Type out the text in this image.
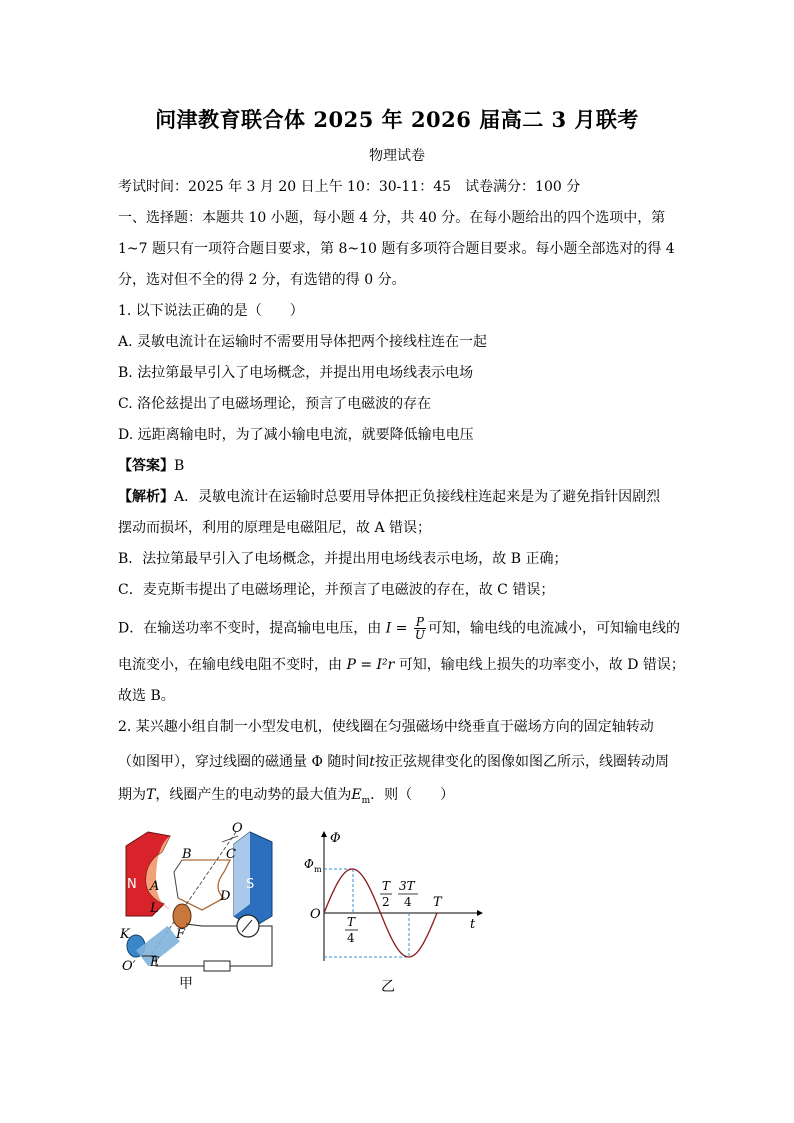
问津教育联合体 2025 年 2026 届高二 3 月联考
物理试卷
考试时间：2025 年 3 月 20 日上午 10：30-11：45　试卷满分：100 分
一、选择题：本题共 10 小题，每小题 4 分，共 40 分。在每小题给出的四个选项中，第
1~7 题只有一项符合题目要求，第 8~10 题有多项符合题目要求。每小题全部选对的得 4
分，选对但不全的得 2 分，有选错的得 0 分。
1. 以下说法正确的是（　　）
A. 灵敏电流计在运输时不需要用导体把两个接线柱连在一起
B. 法拉第最早引入了电场概念，并提出用电场线表示电场
C. 洛伦兹提出了电磁场理论，预言了电磁波的存在
D. 远距离输电时，为了减小输电电流，就要降低输电电压
【答案】B
【解析】A．灵敏电流计在运输时总要用导体把正负接线柱连起来是为了避免指针因剧烈
摆动而损坏，利用的原理是电磁阻尼，故 A 错误；
B．法拉第最早引入了电场概念，并提出用电场线表示电场，故 B 正确；
C．麦克斯韦提出了电磁场理论，并预言了电磁波的存在，故 C 错误；
D．在输送功率不变时，提高输电电压，由 $I = \frac{P}{U}$ 可知，输电线的电流减小，可知输电线的
电流变小，在输电线电阻不变时，由 P = I²r 可知，输电线上损失的功率变小，故 D 错误；
故选 B。
2. 某兴趣小组自制一小型发电机，使线圈在匀强磁场中绕垂直于磁场方向的固定轴转动
（如图甲），穿过线圈的磁通量 Φ 随时间t按正弦规律变化的图像如图乙所示，线圈转动周
期为T，线圈产生的电动势的最大值为$E_m$．则（　　）
O
B	C
N	S
A
D
L
F
K
O′ E
甲
Φ
Φ m
O
t
T
T
2
3T
4
T
4
乙
